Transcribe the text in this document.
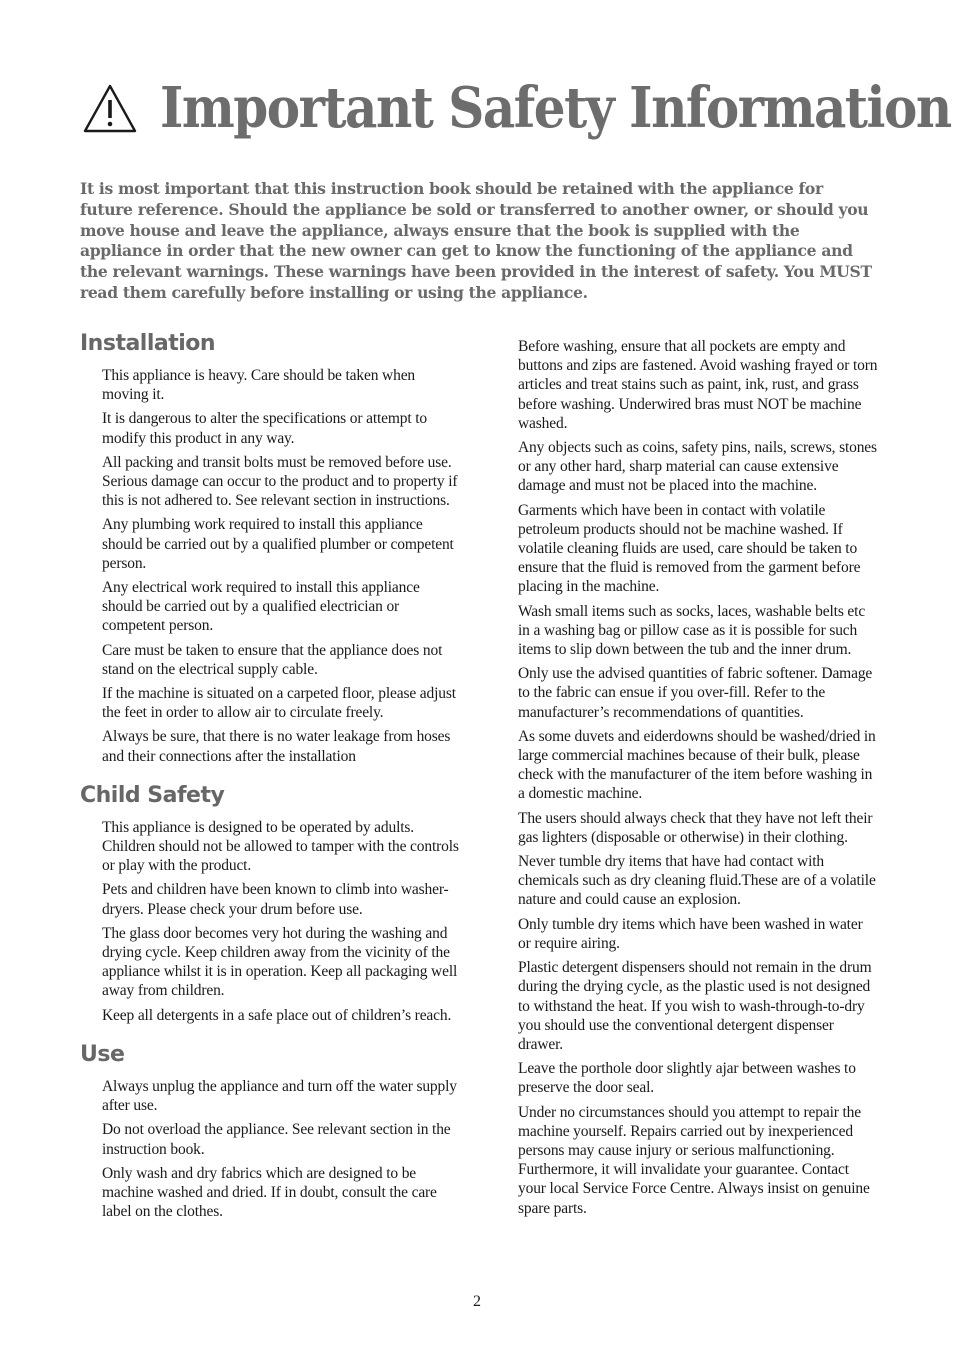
Important Safety Information

It is most important that this instruction book should be retained with the appliance for future reference. Should the appliance be sold or transferred to another owner, or should you move house and leave the appliance, always ensure that the book is supplied with the appliance in order that the new owner can get to know the functioning of the appliance and the relevant warnings. These warnings have been provided in the interest of safety. You MUST read them carefully before installing or using the appliance.

Installation

This appliance is heavy. Care should be taken when moving it.

It is dangerous to alter the specifications or attempt to modify this product in any way.

All packing and transit bolts must be removed before use. Serious damage can occur to the product and to property if this is not adhered to. See relevant section in instructions.

Any plumbing work required to install this appliance should be carried out by a qualified plumber or competent person.

Any electrical work required to install this appliance should be carried out by a qualified electrician or competent person.

Care must be taken to ensure that the appliance does not stand on the electrical supply cable.

If the machine is situated on a carpeted floor, please adjust the feet in order to allow air to circulate freely.

Always be sure, that there is no water leakage from hoses and their connections after the installation

Child Safety

This appliance is designed to be operated by adults. Children should not be allowed to tamper with the controls or play with the product.

Pets and children have been known to climb into washer-dryers. Please check your drum before use.

The glass door becomes very hot during the washing and drying cycle. Keep children away from the vicinity of the appliance whilst it is in operation. Keep all packaging well away from children.

Keep all detergents in a safe place out of children’s reach.

Use

Always unplug the appliance and turn off the water supply after use.

Do not overload the appliance. See relevant section in the instruction book.

Only wash and dry fabrics which are designed to be machine washed and dried. If in doubt, consult the care label on the clothes.

Before washing, ensure that all pockets are empty and buttons and zips are fastened. Avoid washing frayed or torn articles and treat stains such as paint, ink, rust, and grass before washing. Underwired bras must NOT be machine washed.

Any objects such as coins, safety pins, nails, screws, stones or any other hard, sharp material can cause extensive damage and must not be placed into the machine.

Garments which have been in contact with volatile petroleum products should not be machine washed. If volatile cleaning fluids are used, care should be taken to ensure that the fluid is removed from the garment before placing in the machine.

Wash small items such as socks, laces, washable belts etc in a washing bag or pillow case as it is possible for such items to slip down between the tub and the inner drum.

Only use the advised quantities of fabric softener. Damage to the fabric can ensue if you over-fill. Refer to the manufacturer’s recommendations of quantities.

As some duvets and eiderdowns should be washed/dried in large commercial machines because of their bulk, please check with the manufacturer of the item before washing in a domestic machine.

The users should always check that they have not left their gas lighters (disposable or otherwise) in their clothing.

Never tumble dry items that have had contact with chemicals such as dry cleaning fluid.These are of a volatile nature and could cause an explosion.

Only tumble dry items which have been washed in water or require airing.

Plastic detergent dispensers should not remain in the drum during the drying cycle, as the plastic used is not designed to withstand the heat. If you wish to wash-through-to-dry you should use the conventional detergent dispenser drawer.

Leave the porthole door slightly ajar between washes to preserve the door seal.

Under no circumstances should you attempt to repair the machine yourself. Repairs carried out by inexperienced persons may cause injury or serious malfunctioning. Furthermore, it will invalidate your guarantee. Contact your local Service Force Centre. Always insist on genuine spare parts.

2
